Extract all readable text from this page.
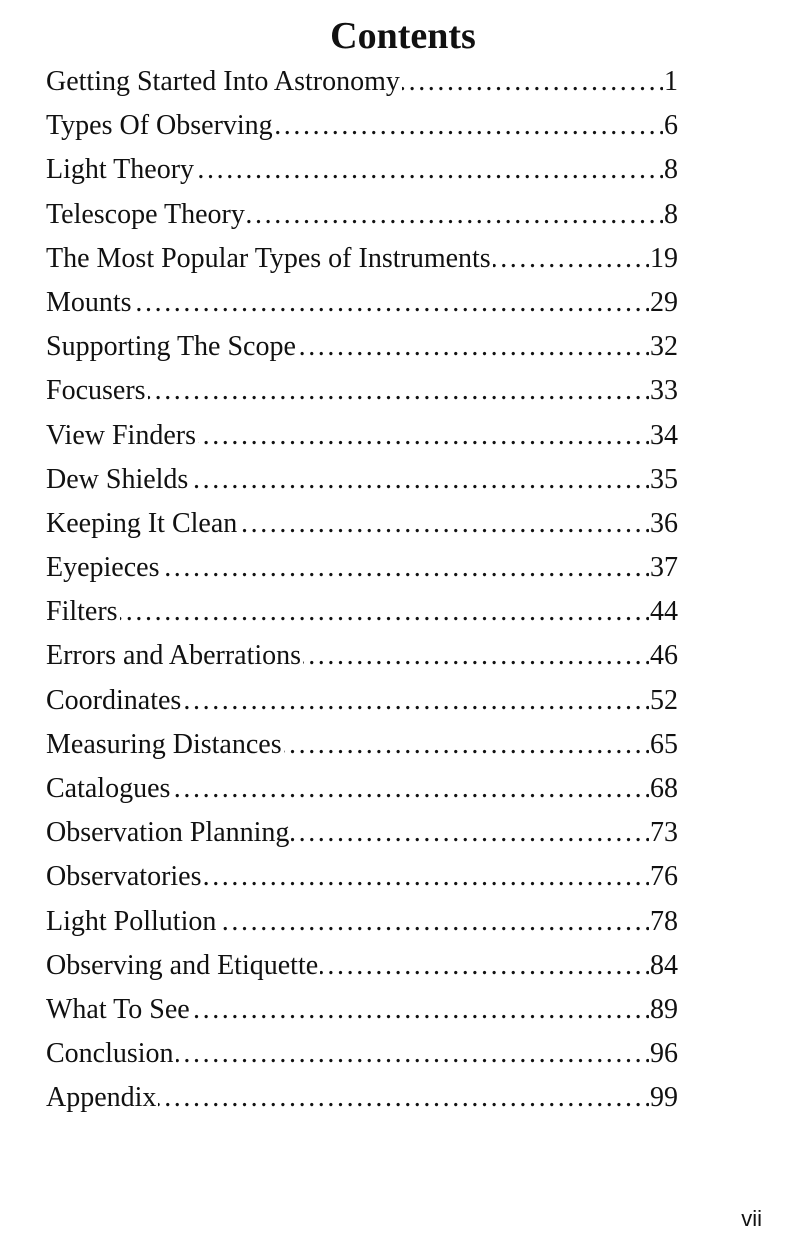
Contents
Getting Started Into Astronomy . . .	1
Types Of Observing . . .	6
Light Theory . . .	8
Telescope Theory . . .	8
The Most Popular Types of Instruments . . .	19
Mounts . . .	29
Supporting The Scope . . .	32
Focusers . . .	33
View Finders . . .	34
Dew Shields . . .	35
Keeping It Clean . . .	36
Eyepieces . . .	37
Filters . . .	44
Errors and Aberrations . . .	46
Coordinates . . .	52
Measuring Distances . . .	65
Catalogues . . .	68
Observation Planning . . .	73
Observatories . . .	76
Light Pollution . . .	78
Observing and Etiquette . . .	84
What To See . . .	89
Conclusion . . .	96
Appendix . . .	99
vii
